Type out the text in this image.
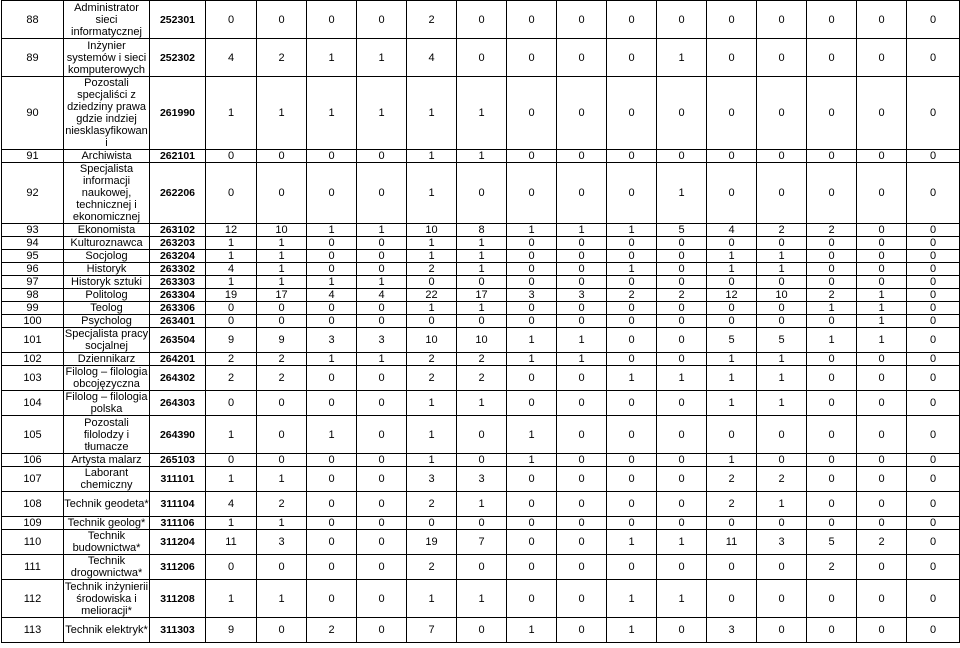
88	Administrator sieci informatycznej	252301	0	0	0	0	2	0	0	0	0	0	0	0	0	0	0
89	Inżynier systemów i sieci komputerowych	252302	4	2	1	1	4	0	0	0	0	1	0	0	0	0	0
90	Pozostali specjaliści z dziedziny prawa gdzie indziej niesklasyfikowan i	261990	1	1	1	1	1	1	0	0	0	0	0	0	0	0	0
91	Archiwista	262101	0	0	0	0	1	1	0	0	0	0	0	0	0	0	0
92	Specjalista informacji naukowej, technicznej i ekonomicznej	262206	0	0	0	0	1	0	0	0	0	1	0	0	0	0	0
93	Ekonomista	263102	12	10	1	1	10	8	1	1	1	5	4	2	2	0	0
94	Kulturoznawca	263203	1	1	0	0	1	1	0	0	0	0	0	0	0	0	0
95	Socjolog	263204	1	1	0	0	1	1	0	0	0	0	1	1	0	0	0
96	Historyk	263302	4	1	0	0	2	1	0	0	1	0	1	1	0	0	0
97	Historyk sztuki	263303	1	1	1	1	0	0	0	0	0	0	0	0	0	0	0
98	Politolog	263304	19	17	4	4	22	17	3	3	2	2	12	10	2	1	0
99	Teolog	263306	0	0	0	0	1	1	0	0	0	0	0	0	1	1	0
100	Psycholog	263401	0	0	0	0	0	0	0	0	0	0	0	0	0	1	0
101	Specjalista pracy socjalnej	263504	9	9	3	3	10	10	1	1	0	0	5	5	1	1	0
102	Dziennikarz	264201	2	2	1	1	2	2	1	1	0	0	1	1	0	0	0
103	Filolog – filologia obcojęzyczna	264302	2	2	0	0	2	2	0	0	1	1	1	1	0	0	0
104	Filolog – filologia polska	264303	0	0	0	0	1	1	0	0	0	0	1	1	0	0	0
105	Pozostali filolodzy i tłumacze	264390	1	0	1	0	1	0	1	0	0	0	0	0	0	0	0
106	Artysta malarz	265103	0	0	0	0	1	0	1	0	0	0	1	0	0	0	0
107	Laborant chemiczny	311101	1	1	0	0	3	3	0	0	0	0	2	2	0	0	0
108	Technik geodeta*	311104	4	2	0	0	2	1	0	0	0	0	2	1	0	0	0
109	Technik geolog*	311106	1	1	0	0	0	0	0	0	0	0	0	0	0	0	0
110	Technik budownictwa*	311204	11	3	0	0	19	7	0	0	1	1	11	3	5	2	0
111	Technik drogownictwa*	311206	0	0	0	0	2	0	0	0	0	0	0	0	2	0	0
112	Technik inżynierii środowiska i melioracji*	311208	1	1	0	0	1	1	0	0	1	1	0	0	0	0	0
113	Technik elektryk*	311303	9	0	2	0	7	0	1	0	1	0	3	0	0	0	0
